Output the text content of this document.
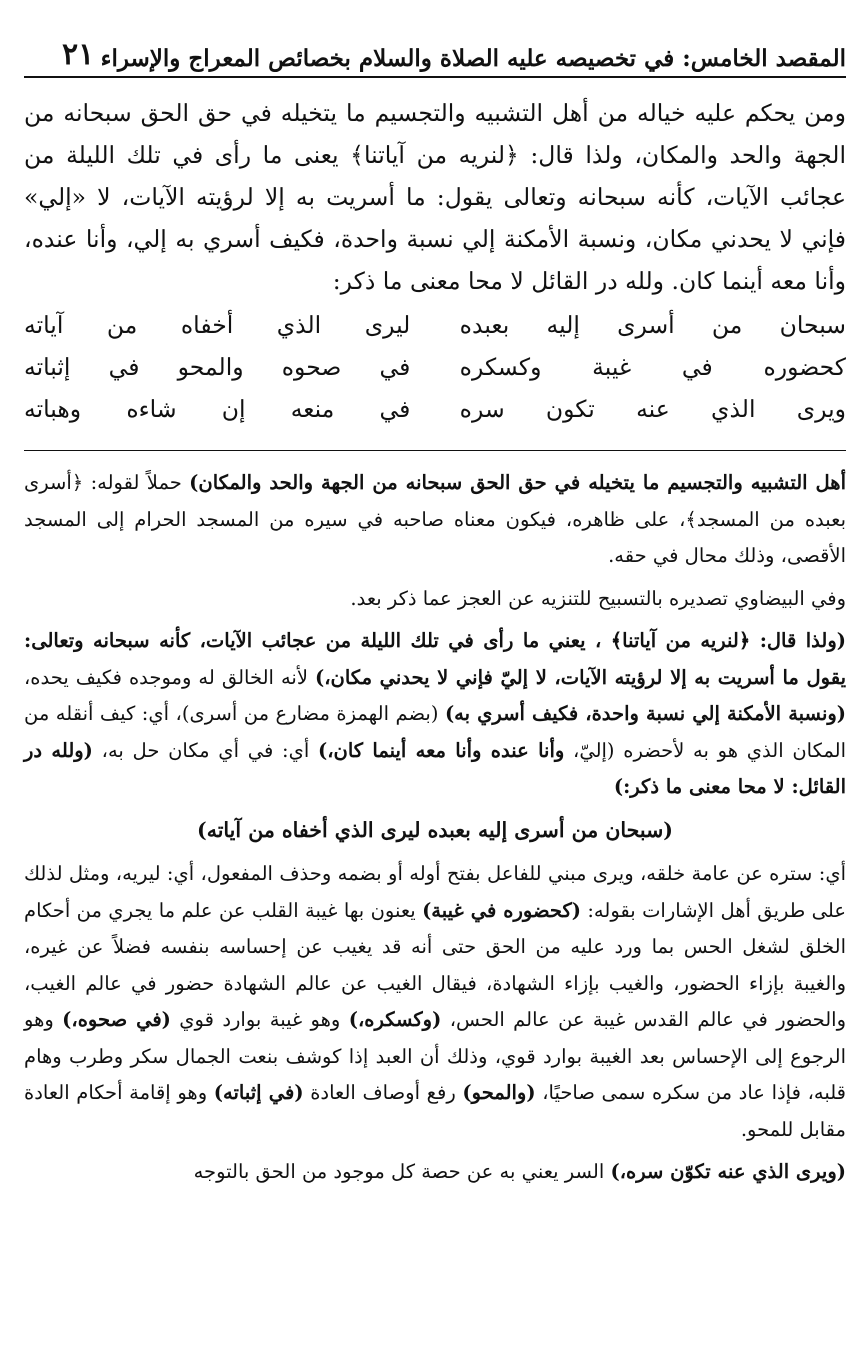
المقصد الخامس: في تخصيصه عليه الصلاة والسلام بخصائص المعراج والإسراء
٢١

ومن يحكم عليه خياله من أهل التشبيه والتجسيم ما يتخيله في حق الحق سبحانه من الجهة والحد والمكان، ولذا قال: ﴿لنريه من آياتنا﴾ يعنى ما رأى في تلك الليلة من عجائب الآيات، كأنه سبحانه وتعالى يقول: ما أسريت به إلا لرؤيته الآيات، لا «إلي» فإني لا يحدني مكان، ونسبة الأمكنة إلي نسبة واحدة، فكيف أسري به إلي، وأنا عنده، وأنا معه أينما كان. ولله در القائل لا محا معنى ما ذكر:

سبحان من أسرى إليه بعبده
ليرى الذي أخفاه من آياته
كحضوره في غيبة وكسكره
في صحوه والمحو في إثباته
ويرى الذي عنه تكون سره
في منعه إن شاءه وهباته

أهل التشبيه والتجسيم ما يتخيله في حق الحق سبحانه من الجهة والحد والمكان) حملاً لقوله: ﴿أسرى بعبده من المسجد﴾، على ظاهره، فيكون معناه صاحبه في سيره من المسجد الحرام إلى المسجد الأقصى، وذلك محال في حقه.

وفي البيضاوي تصديره بالتسبيح للتنزيه عن العجز عما ذكر بعد.

(ولذا قال: ﴿لنريه من آياتنا﴾ ، يعني ما رأى في تلك الليلة من عجائب الآيات، كأنه سبحانه وتعالى: يقول ما أسريت به إلا لرؤيته الآيات، لا إليّ فإني لا يحدني مكان،) لأنه الخالق له وموجده فكيف يحده، (ونسبة الأمكنة إلي نسبة واحدة، فكيف أسري به) (بضم الهمزة مضارع من أسرى)، أي: كيف أنقله من المكان الذي هو به لأحضره (إليّ، وأنا عنده وأنا معه أينما كان،) أي: في أي مكان حل به، (ولله در القائل: لا محا معنى ما ذكر:)

(سبحان من أسرى إليه بعبده ليرى الذي أخفاه من آياته)

أي: ستره عن عامة خلقه، ويرى مبني للفاعل بفتح أوله أو بضمه وحذف المفعول، أي: ليريه، ومثل لذلك على طريق أهل الإشارات بقوله: (كحضوره في غيبة) يعنون بها غيبة القلب عن علم ما يجري من أحكام الخلق لشغل الحس بما ورد عليه من الحق حتى أنه قد يغيب عن إحساسه بنفسه فضلاً عن غيره، والغيبة بإزاء الحضور، والغيب بإزاء الشهادة، فيقال الغيب عن عالم الشهادة حضور في عالم الغيب، والحضور في عالم القدس غيبة عن عالم الحس، (وكسكره،) وهو غيبة بوارد قوي (في صحوه،) وهو الرجوع إلى الإحساس بعد الغيبة بوارد قوي، وذلك أن العبد إذا كوشف بنعت الجمال سكر وطرب وهام قلبه، فإذا عاد من سكره سمى صاحيًا، (والمحو) رفع أوصاف العادة (في إثباته) وهو إقامة أحكام العادة مقابل للمحو.

(ويرى الذي عنه تكوّن سره،) السر يعني به عن حصة كل موجود من الحق بالتوجه
